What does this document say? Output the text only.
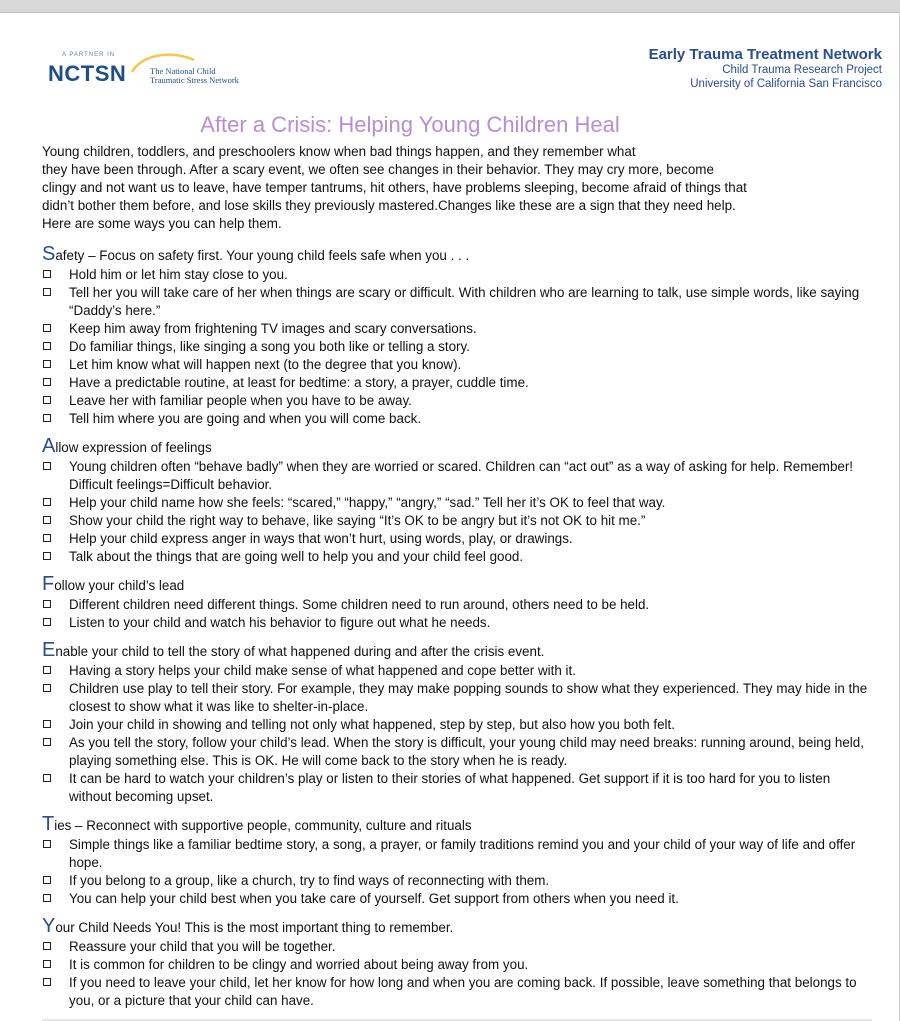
A PARTNER IN
NCTSN	The National Child
Traumatic Stress Network
Early Trauma Treatment Network
Child Trauma Research Project
University of California San Francisco
After a Crisis: Helping Young Children Heal
Young children, toddlers, and preschoolers know when bad things happen, and they remember what
they have been through. After a scary event, we often see changes in their behavior. They may cry more, become
clingy and not want us to leave, have temper tantrums, hit others, have problems sleeping, become afraid of things that
didn’t bother them before, and lose skills they previously mastered.Changes like these are a sign that they need help.
Here are some ways you can help them.

Safety – Focus on safety first. Your young child feels safe when you . . .

Hold him or let him stay close to you.
Tell her you will take care of her when things are scary or difficult. With children who are learning to talk, use simple words, like saying “Daddy’s here.”
Keep him away from frightening TV images and scary conversations.
Do familiar things, like singing a song you both like or telling a story.
Let him know what will happen next (to the degree that you know).
Have a predictable routine, at least for bedtime: a story, a prayer, cuddle time.
Leave her with familiar people when you have to be away.
Tell him where you are going and when you will come back.

Allow expression of feelings

Young children often “behave badly” when they are worried or scared. Children can “act out” as a way of asking for help. Remember! Difficult feelings=Difficult behavior.
Help your child name how she feels: “scared,” “happy,” “angry,” “sad.” Tell her it’s OK to feel that way.
Show your child the right way to behave, like saying “It’s OK to be angry but it’s not OK to hit me.”
Help your child express anger in ways that won’t hurt, using words, play, or drawings.
Talk about the things that are going well to help you and your child feel good.

Follow your child’s lead

Different children need different things. Some children need to run around, others need to be held.
Listen to your child and watch his behavior to figure out what he needs.

Enable your child to tell the story of what happened during and after the crisis event.

Having a story helps your child make sense of what happened and cope better with it.
Children use play to tell their story. For example, they may make popping sounds to show what they experienced. They may hide in the closest to show what it was like to shelter-in-place.
Join your child in showing and telling not only what happened, step by step, but also how you both felt.
As you tell the story, follow your child’s lead. When the story is difficult, your young child may need breaks: running around, being held, playing something else. This is OK. He will come back to the story when he is ready.
It can be hard to watch your children’s play or listen to their stories of what happened. Get support if it is too hard for you to listen without becoming upset.

Ties – Reconnect with supportive people, community, culture and rituals

Simple things like a familiar bedtime story, a song, a prayer, or family traditions remind you and your child of your way of life and offer hope.
If you belong to a group, like a church, try to find ways of reconnecting with them.
You can help your child best when you take care of yourself. Get support from others when you need it.

Your Child Needs You! This is the most important thing to remember.

Reassure your child that you will be together.
It is common for children to be clingy and worried about being away from you.
If you need to leave your child, let her know for how long and when you are coming back. If possible, leave something that belongs to you, or a picture that your child can have.
